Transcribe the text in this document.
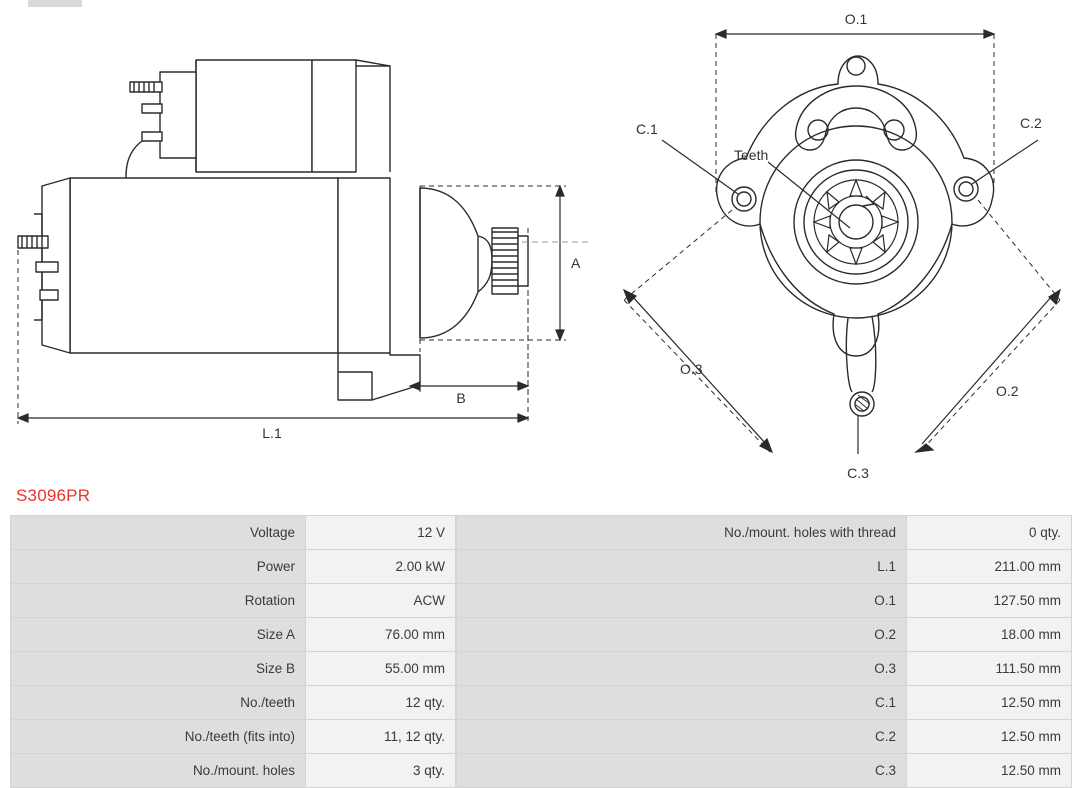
A
B
L.1
O.1
O.3
O.2
C.1	C.2
C.3
Teeth
S3096PR
Voltage	12 V
Power	2.00 kW
Rotation	ACW
Size A	76.00 mm
Size B	55.00 mm
No./teeth	12 qty.
No./teeth (fits into)	11, 12 qty.
No./mount. holes	3 qty.
No./mount. holes with thread	0 qty.
L.1	211.00 mm
O.1	127.50 mm
O.2	18.00 mm
O.3	111.50 mm
C.1	12.50 mm
C.2	12.50 mm
C.3	12.50 mm
